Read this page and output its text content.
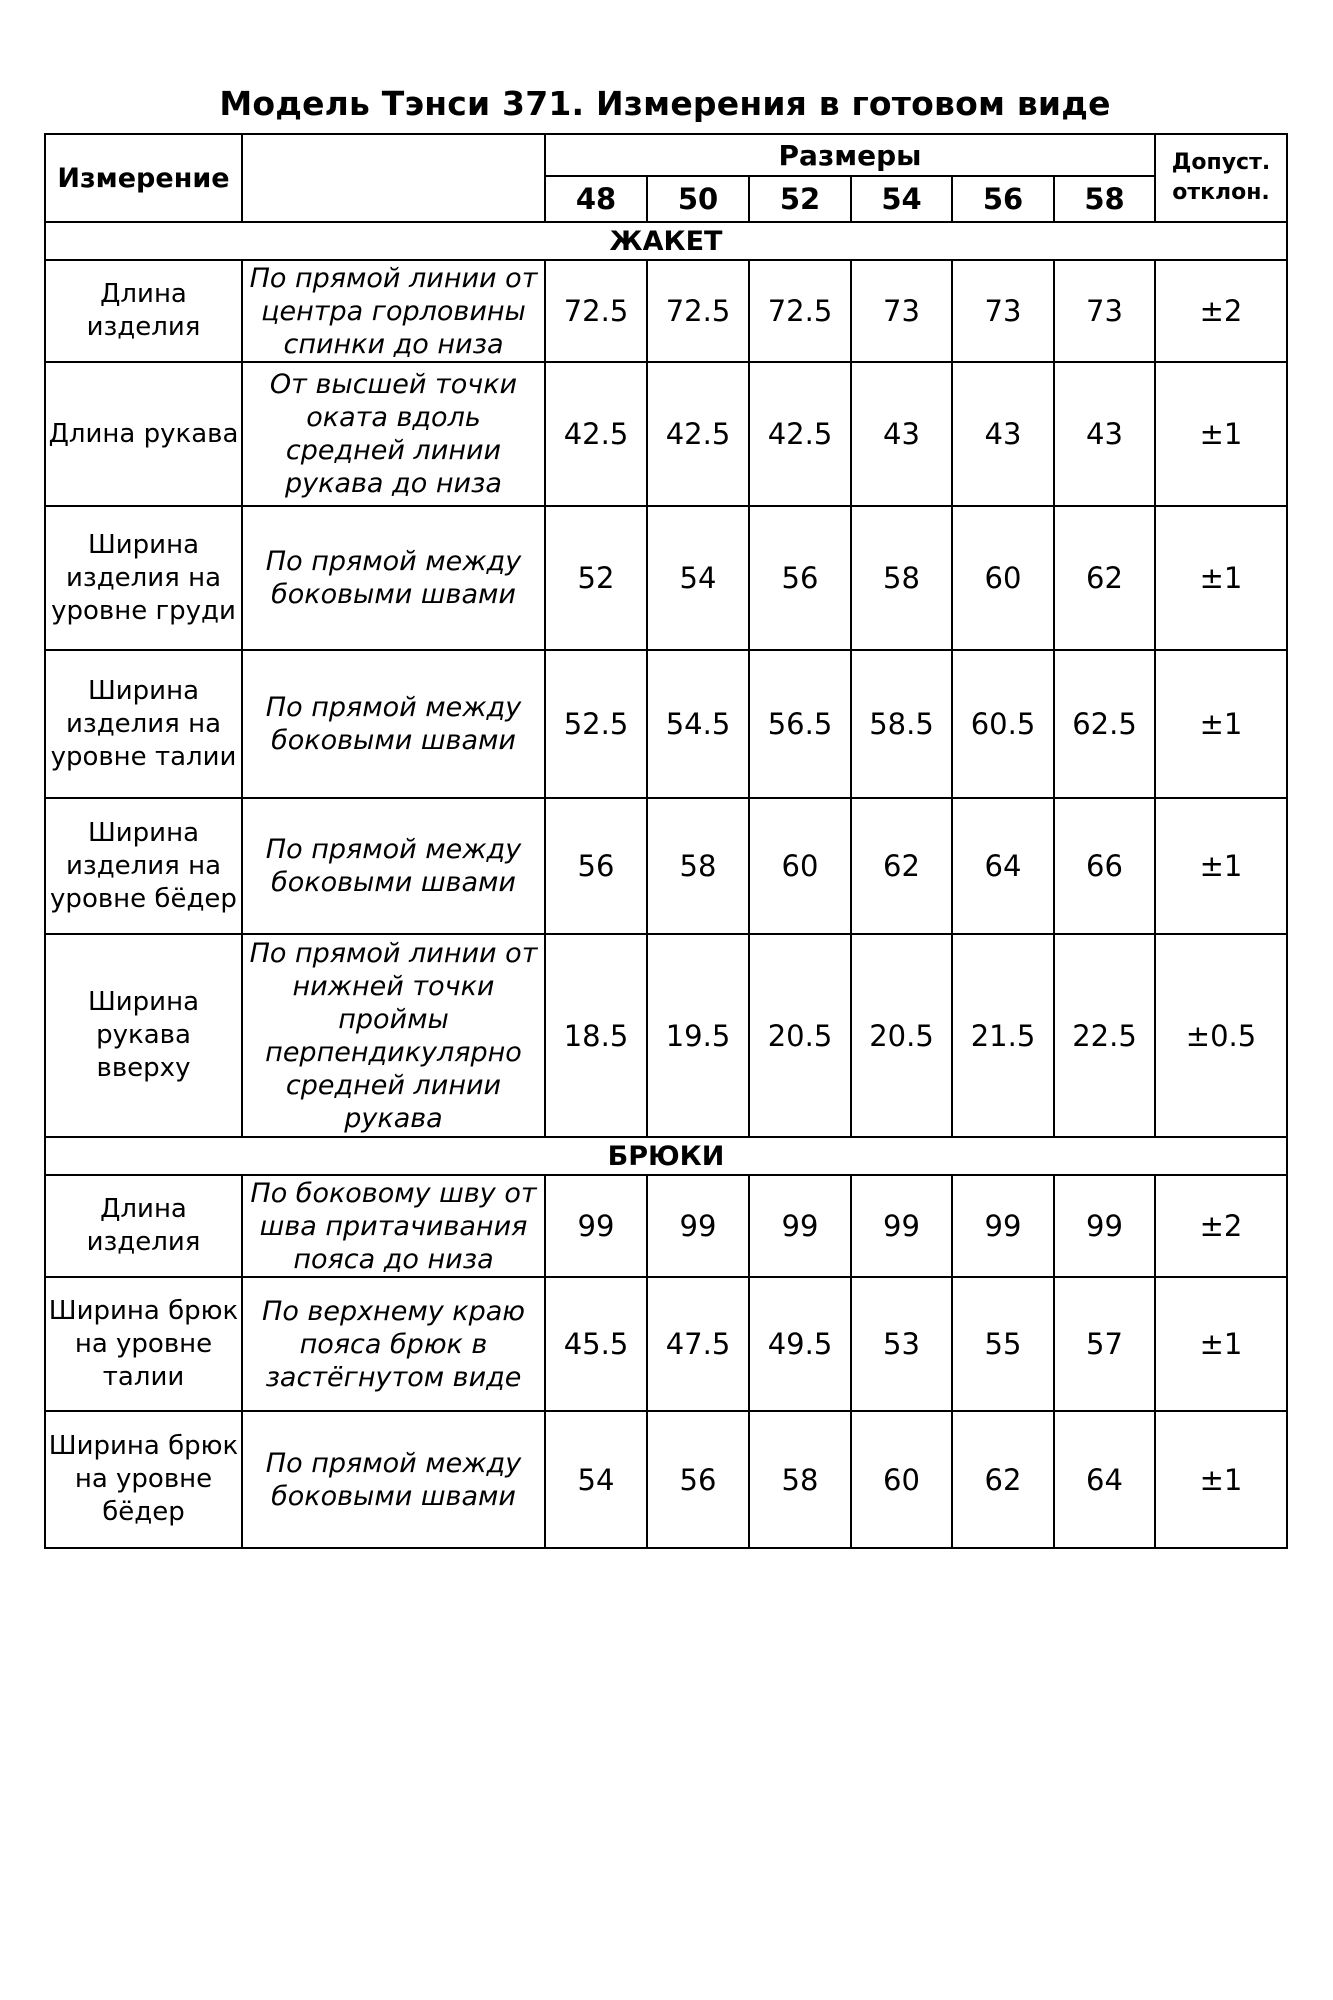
Модель Тэнси 371. Измерения в готовом виде
Измерение		Размеры						Допуст. отклон.
		48	50	52	54	56	58	
ЖАКЕТ								
Длина изделия	По прямой линии от центра горловины спинки до низа	72.5	72.5	72.5	73	73	73	±2
Длина рукава	От высшей точки оката вдоль средней линии рукава до низа	42.5	42.5	42.5	43	43	43	±1
Ширина изделия на уровне груди	По прямой между боковыми швами	52	54	56	58	60	62	±1
Ширина изделия на уровне талии	По прямой между боковыми швами	52.5	54.5	56.5	58.5	60.5	62.5	±1
Ширина изделия на уровне бёдер	По прямой между боковыми швами	56	58	60	62	64	66	±1
Ширина рукава вверху	По прямой линии от нижней точки проймы перпендикулярно средней линии рукава	18.5	19.5	20.5	20.5	21.5	22.5	±0.5
БРЮКИ								
Длина изделия	По боковому шву от шва притачивания пояса до низа	99	99	99	99	99	99	±2
Ширина брюк на уровне талии	По верхнему краю пояса брюк в застёгнутом виде	45.5	47.5	49.5	53	55	57	±1
Ширина брюк на уровне бёдер	По прямой между боковыми швами	54	56	58	60	62	64	±1
